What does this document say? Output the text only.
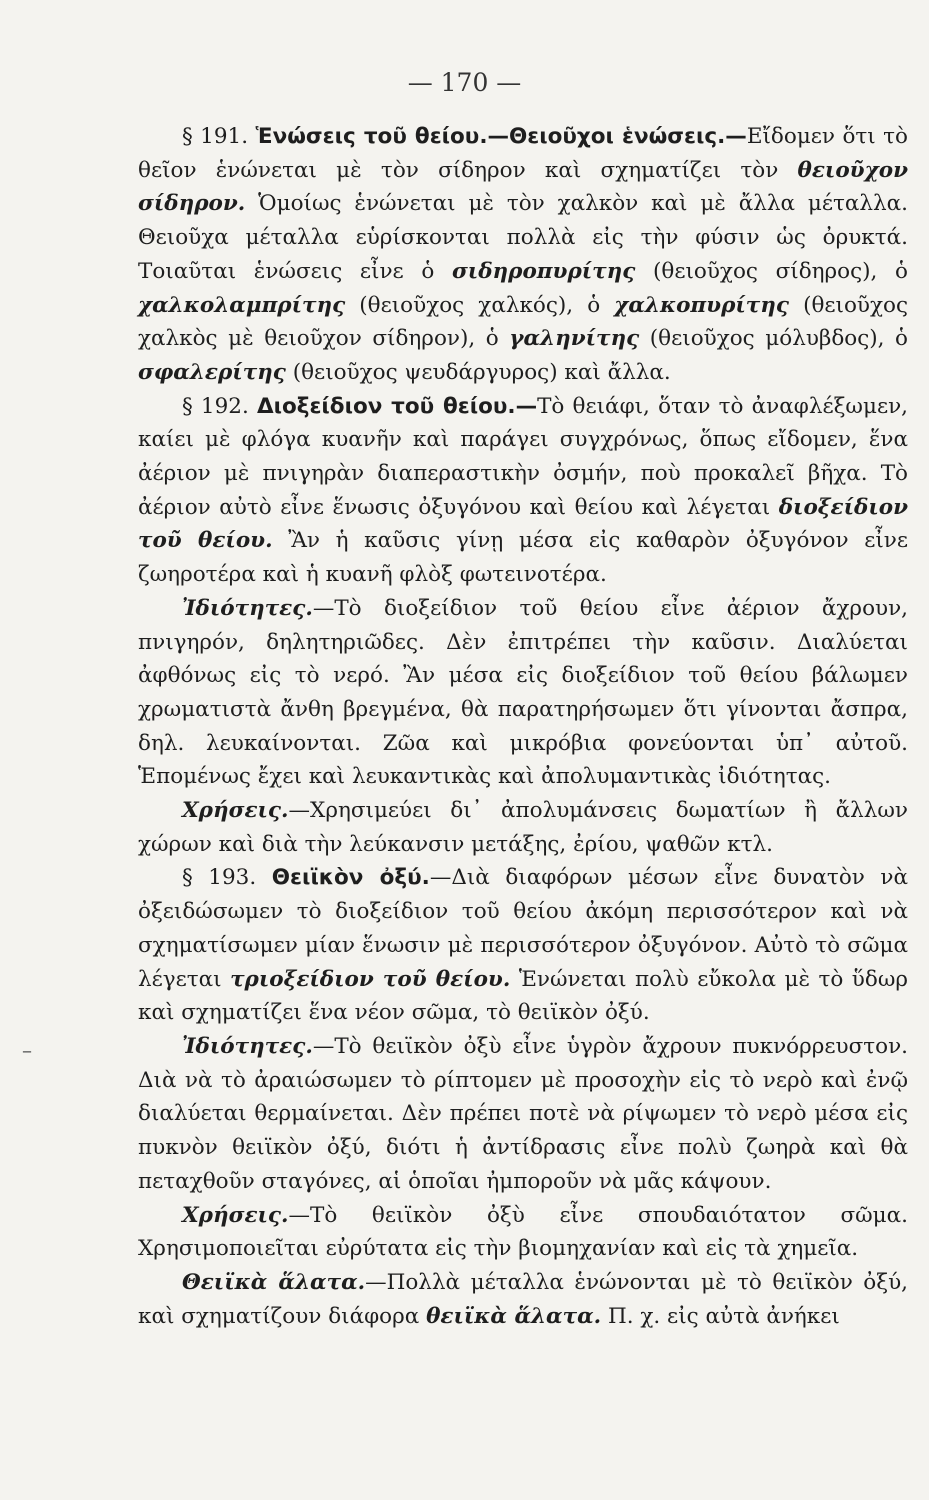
— 170 —

§ 191. Ἑνώσεις τοῦ θείου.—Θειοῦχοι ἑνώσεις.—Εἴδομεν ὅτι τὸ θεῖον ἑνώνεται μὲ τὸν σίδηρον καὶ σχηματίζει τὸν θειοῦχον σίδηρον. Ὁμοίως ἑνώνεται μὲ τὸν χαλκὸν καὶ μὲ ἄλλα μέταλλα. Θειοῦχα μέταλλα εὑρίσκονται πολλὰ εἰς τὴν φύσιν ὡς ὀρυκτά. Τοιαῦται ἑνώσεις εἶνε ὁ σιδηροπυρίτης (θειοῦχος σίδηρος), ὁ χαλκολαμπρίτης (θειοῦχος χαλκός), ὁ χαλκοπυρίτης (θειοῦχος χαλκὸς μὲ θειοῦχον σίδηρον), ὁ γαληνίτης (θειοῦχος μόλυβδος), ὁ σφαλερίτης (θειοῦχος ψευδάργυρος) καὶ ἄλλα.

§ 192. Διοξείδιον τοῦ θείου.—Τὸ θειάφι, ὅταν τὸ ἀναφλέξωμεν, καίει μὲ φλόγα κυανῆν καὶ παράγει συγχρόνως, ὅπως εἴδομεν, ἕνα ἀέριον μὲ πνιγηρὰν διαπεραστικὴν ὀσμήν, ποὺ προκαλεῖ βῆχα. Τὸ ἀέριον αὐτὸ εἶνε ἕνωσις ὀξυγόνου καὶ θείου καὶ λέγεται διοξείδιον τοῦ θείου. Ἂν ἡ καῦσις γίνῃ μέσα εἰς καθαρὸν ὀξυγόνον εἶνε ζωηροτέρα καὶ ἡ κυανῆ φλὸξ φωτεινοτέρα.

Ἰδιότητες.—Τὸ διοξείδιον τοῦ θείου εἶνε ἀέριον ἄχρουν, πνιγηρόν, δηλητηριῶδες. Δὲν ἐπιτρέπει τὴν καῦσιν. Διαλύεται ἀφθόνως εἰς τὸ νερό. Ἂν μέσα εἰς διοξείδιον τοῦ θείου βάλωμεν χρωματιστὰ ἄνθη βρεγμένα, θὰ παρατηρήσωμεν ὅτι γίνονται ἄσπρα, δηλ. λευκαίνονται. Ζῶα καὶ μικρόβια φονεύονται ὑπ᾿ αὐτοῦ. Ἑπομένως ἔχει καὶ λευκαντικὰς καὶ ἀπολυμαντικὰς ἰδιότητας.

Χρήσεις.—Χρησιμεύει δι᾿ ἀπολυμάνσεις δωματίων ἢ ἄλλων χώρων καὶ διὰ τὴν λεύκανσιν μετάξης, ἐρίου, ψαθῶν κτλ.

§ 193. Θειϊκὸν ὀξύ.—Διὰ διαφόρων μέσων εἶνε δυνατὸν νὰ ὀξειδώσωμεν τὸ διοξείδιον τοῦ θείου ἀκόμη περισσότερον καὶ νὰ σχηματίσωμεν μίαν ἕνωσιν μὲ περισσότερον ὀξυγόνον. Αὐτὸ τὸ σῶμα λέγεται τριοξείδιον τοῦ θείου. Ἑνώνεται πολὺ εὔκολα μὲ τὸ ὕδωρ καὶ σχηματίζει ἕνα νέον σῶμα, τὸ θειϊκὸν ὀξύ.

Ἰδιότητες.—Τὸ θειϊκὸν ὀξὺ εἶνε ὑγρὸν ἄχρουν πυκνόρρευστον. Διὰ νὰ τὸ ἀραιώσωμεν τὸ ρίπτομεν μὲ προσοχὴν εἰς τὸ νερὸ καὶ ἐνῷ διαλύεται θερμαίνεται. Δὲν πρέπει ποτὲ νὰ ρίψωμεν τὸ νερὸ μέσα εἰς πυκνὸν θειϊκὸν ὀξύ, διότι ἡ ἀντίδρασις εἶνε πολὺ ζωηρὰ καὶ θὰ πεταχθοῦν σταγόνες, αἱ ὁποῖαι ἠμποροῦν νὰ μᾶς κάψουν.

Χρήσεις.—Τὸ θειϊκὸν ὀξὺ εἶνε σπουδαιότατον σῶμα. Χρησιμοποιεῖται εὐρύτατα εἰς τὴν βιομηχανίαν καὶ εἰς τὰ χημεῖα.

Θειϊκὰ ἅλατα.—Πολλὰ μέταλλα ἑνώνονται μὲ τὸ θειϊκὸν ὀξύ, καὶ σχηματίζουν διάφορα θειϊκὰ ἅλατα. Π. χ. εἰς αὐτὰ ἀνήκει

–
